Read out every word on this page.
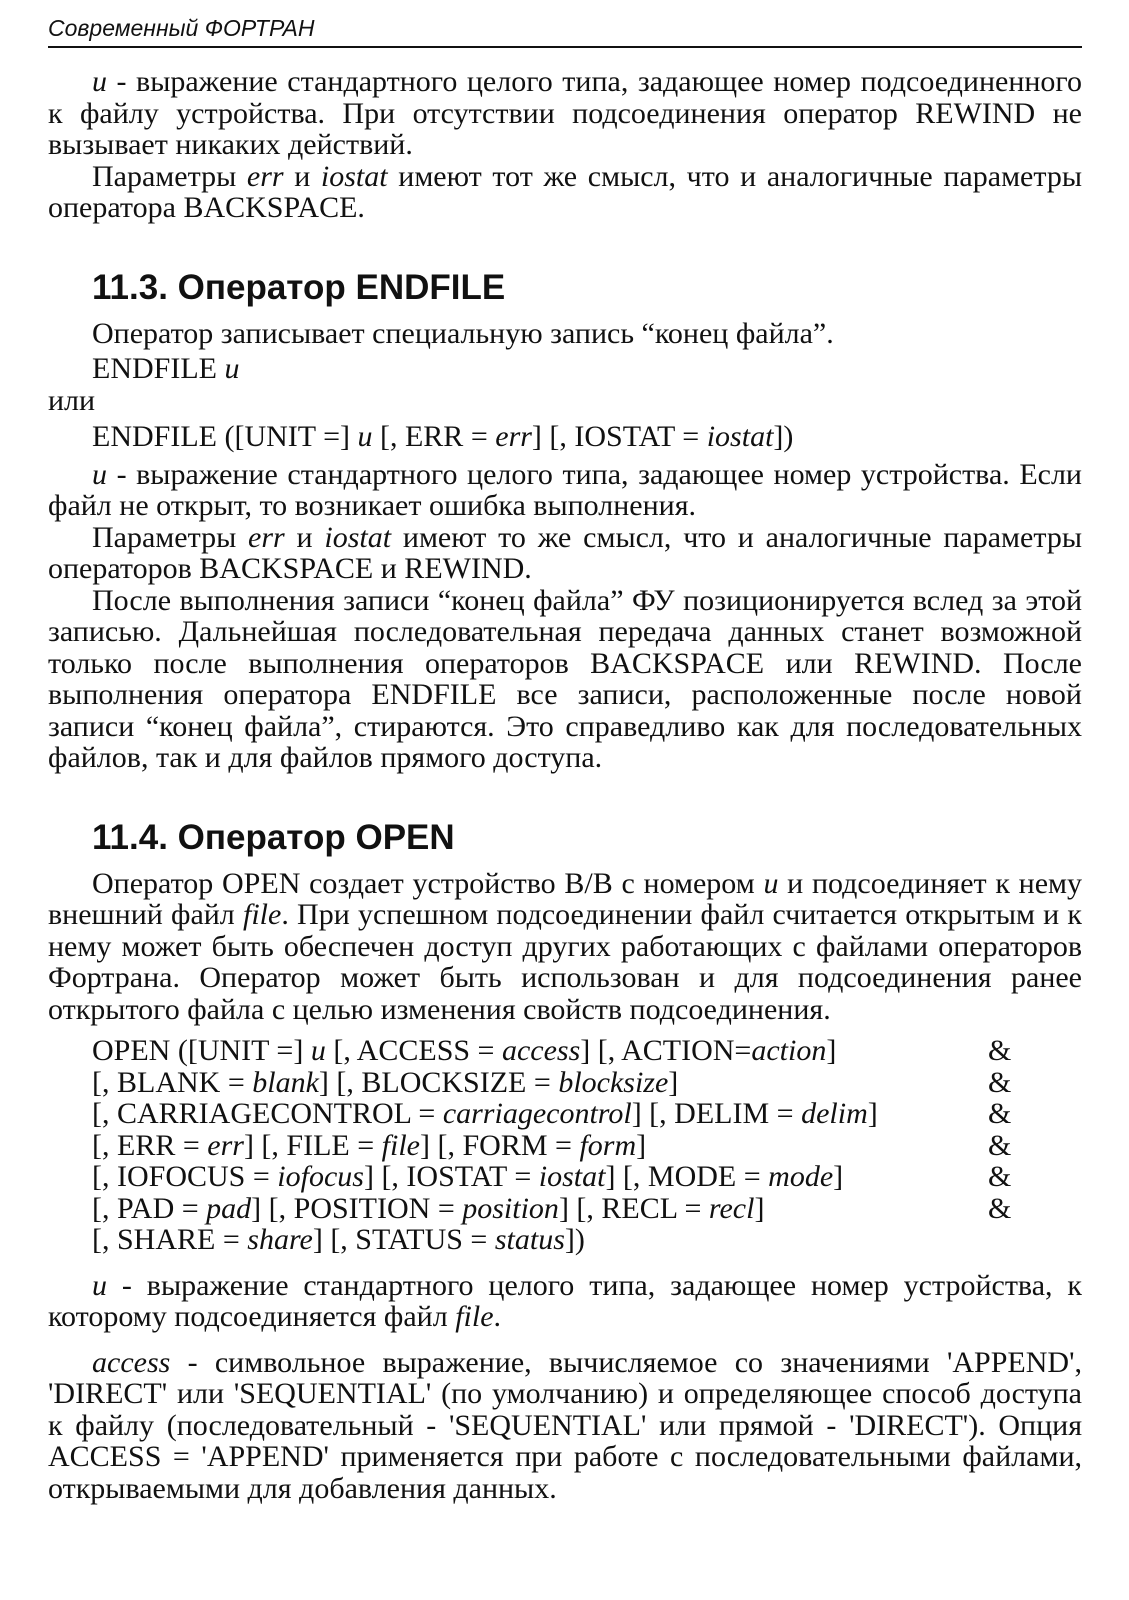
Современный ФОРТРАН

u - выражение стандартного целого типа, задающее номер подсоединенного к файлу устройства. При отсутствии подсоединения оператор REWIND не вызывает никаких действий.

Параметры err и iostat имеют тот же смысл, что и аналогичные параметры оператора BACKSPACE.

11.3. Оператор ENDFILE

Оператор записывает специальную запись “конец файла”.

ENDFILE u

или

ENDFILE ([UNIT =] u [, ERR = err] [, IOSTAT = iostat])

u - выражение стандартного целого типа, задающее номер устройства. Если файл не открыт, то возникает ошибка выполнения.

Параметры err и iostat имеют то же смысл, что и аналогичные параметры операторов BACKSPACE и REWIND.

После выполнения записи “конец файла” ФУ позиционируется вслед за этой записью. Дальнейшая последовательная передача данных станет возможной только после выполнения операторов BACKSPACE или REWIND. После выполнения оператора ENDFILE все записи, расположенные после новой записи “конец файла”, стираются. Это справедливо как для последовательных файлов, так и для файлов прямого доступа.

11.4. Оператор OPEN

Оператор OPEN создает устройство В/В с номером u и подсоединяет к нему внешний файл file. При успешном подсоединении файл считается открытым и к нему может быть обеспечен доступ других работающих с файлами операторов Фортрана. Оператор может быть использован и для подсоединения ранее открытого файла с целью изменения свойств подсоединения.

OPEN ([UNIT =] u [, ACCESS = access] [, ACTION=action]	&
[, BLANK = blank] [, BLOCKSIZE = blocksize]	&
[, CARRIAGECONTROL = carriagecontrol] [, DELIM = delim]	&
[, ERR = err] [, FILE = file] [, FORM = form]	&
[, IOFOCUS = iofocus] [, IOSTAT = iostat] [, MODE = mode]	&
[, PAD = pad] [, POSITION = position] [, RECL = recl]	&
[, SHARE = share] [, STATUS = status])

u - выражение стандартного целого типа, задающее номер устройства, к которому подсоединяется файл file.

access - символьное выражение, вычисляемое со значениями 'APPEND', 'DIRECT' или 'SEQUENTIAL' (по умолчанию) и определяющее способ доступа к файлу (последовательный - 'SEQUENTIAL' или прямой - 'DIRECT'). Опция ACCESS = 'APPEND' применяется при работе с последовательными файлами, открываемыми для добавления данных.
